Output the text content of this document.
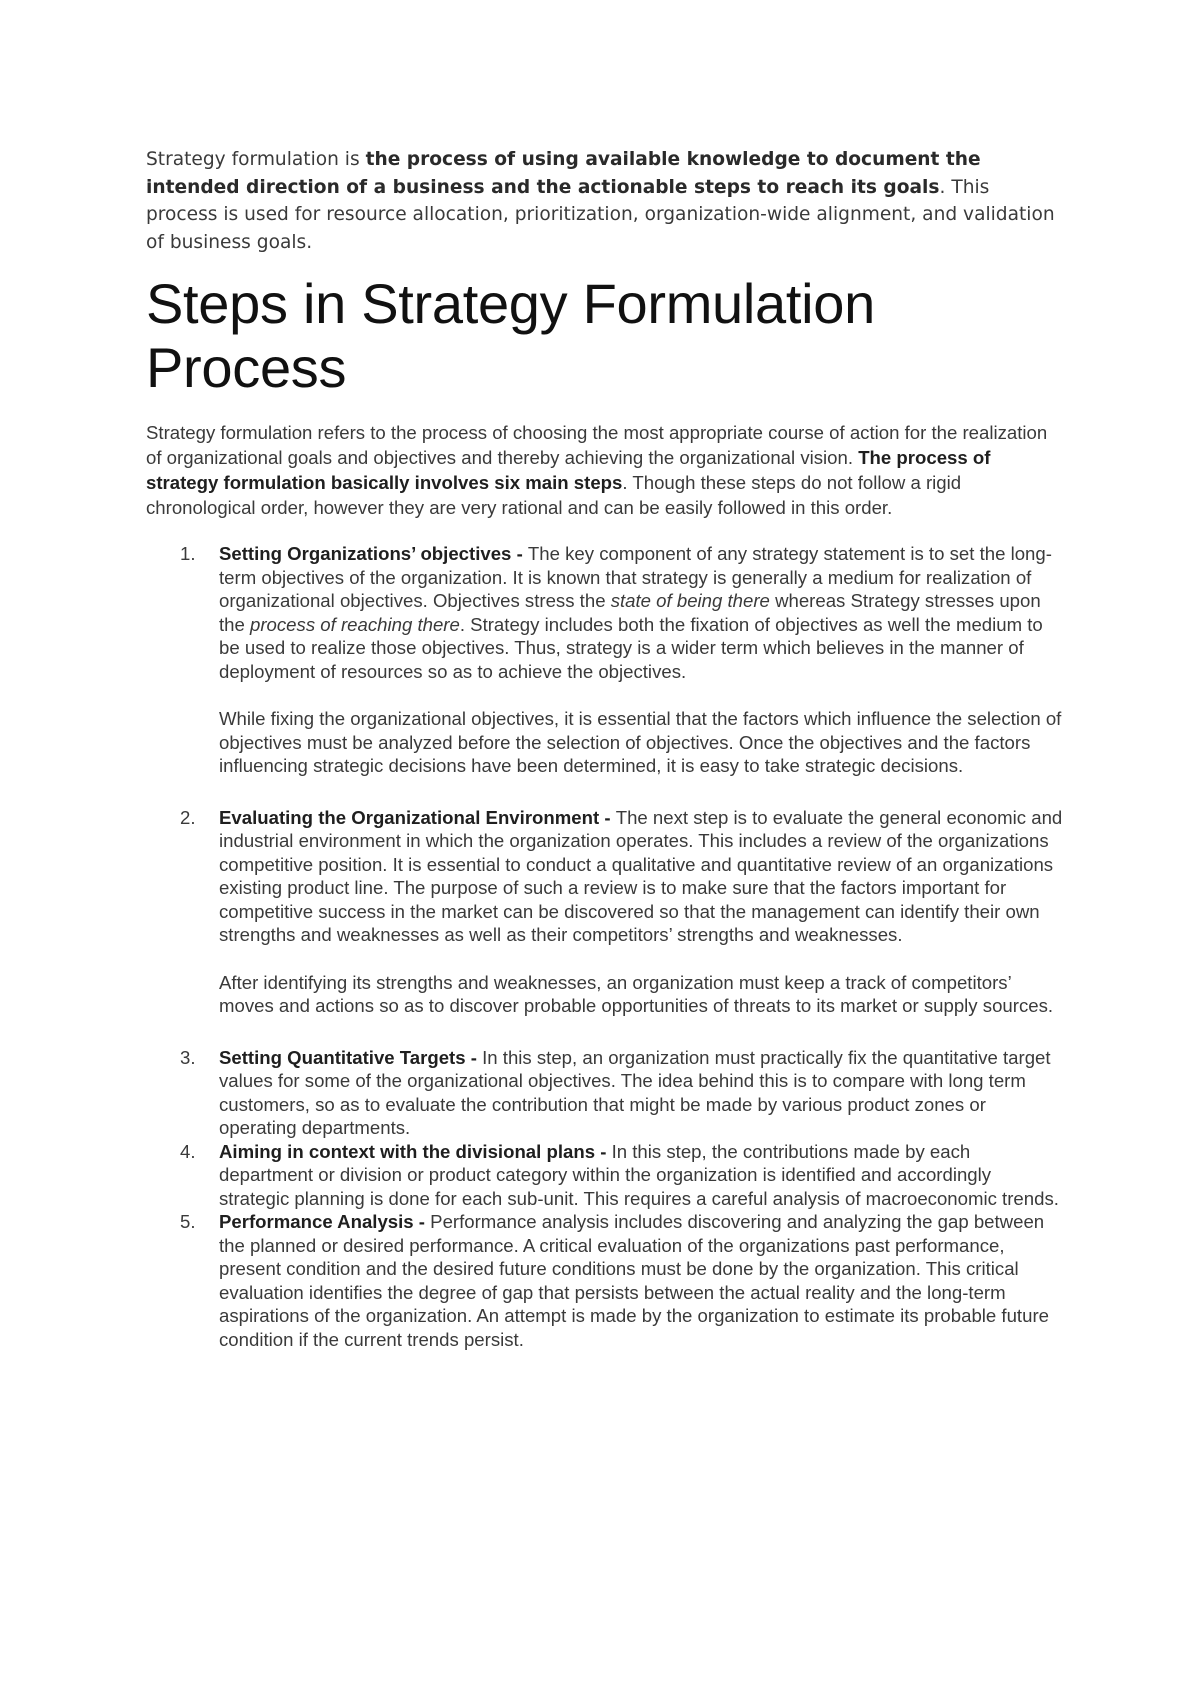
Strategy formulation is the process of using available knowledge to document the intended direction of a business and the actionable steps to reach its goals. This process is used for resource allocation, prioritization, organization-wide alignment, and validation of business goals.

Steps in Strategy Formulation Process

Strategy formulation refers to the process of choosing the most appropriate course of action for the realization of organizational goals and objectives and thereby achieving the organizational vision. The process of strategy formulation basically involves six main steps. Though these steps do not follow a rigid chronological order, however they are very rational and can be easily followed in this order.

1. Setting Organizations’ objectives - The key component of any strategy statement is to set the long-term objectives of the organization. It is known that strategy is generally a medium for realization of organizational objectives. Objectives stress the state of being there whereas Strategy stresses upon the process of reaching there. Strategy includes both the fixation of objectives as well the medium to be used to realize those objectives. Thus, strategy is a wider term which believes in the manner of deployment of resources so as to achieve the objectives.

While fixing the organizational objectives, it is essential that the factors which influence the selection of objectives must be analyzed before the selection of objectives. Once the objectives and the factors influencing strategic decisions have been determined, it is easy to take strategic decisions.

2. Evaluating the Organizational Environment - The next step is to evaluate the general economic and industrial environment in which the organization operates. This includes a review of the organizations competitive position. It is essential to conduct a qualitative and quantitative review of an organizations existing product line. The purpose of such a review is to make sure that the factors important for competitive success in the market can be discovered so that the management can identify their own strengths and weaknesses as well as their competitors’ strengths and weaknesses.

After identifying its strengths and weaknesses, an organization must keep a track of competitors’ moves and actions so as to discover probable opportunities of threats to its market or supply sources.

3. Setting Quantitative Targets - In this step, an organization must practically fix the quantitative target values for some of the organizational objectives. The idea behind this is to compare with long term customers, so as to evaluate the contribution that might be made by various product zones or operating departments.

4. Aiming in context with the divisional plans - In this step, the contributions made by each department or division or product category within the organization is identified and accordingly strategic planning is done for each sub-unit. This requires a careful analysis of macroeconomic trends.

5. Performance Analysis - Performance analysis includes discovering and analyzing the gap between the planned or desired performance. A critical evaluation of the organizations past performance, present condition and the desired future conditions must be done by the organization. This critical evaluation identifies the degree of gap that persists between the actual reality and the long-term aspirations of the organization. An attempt is made by the organization to estimate its probable future condition if the current trends persist.
